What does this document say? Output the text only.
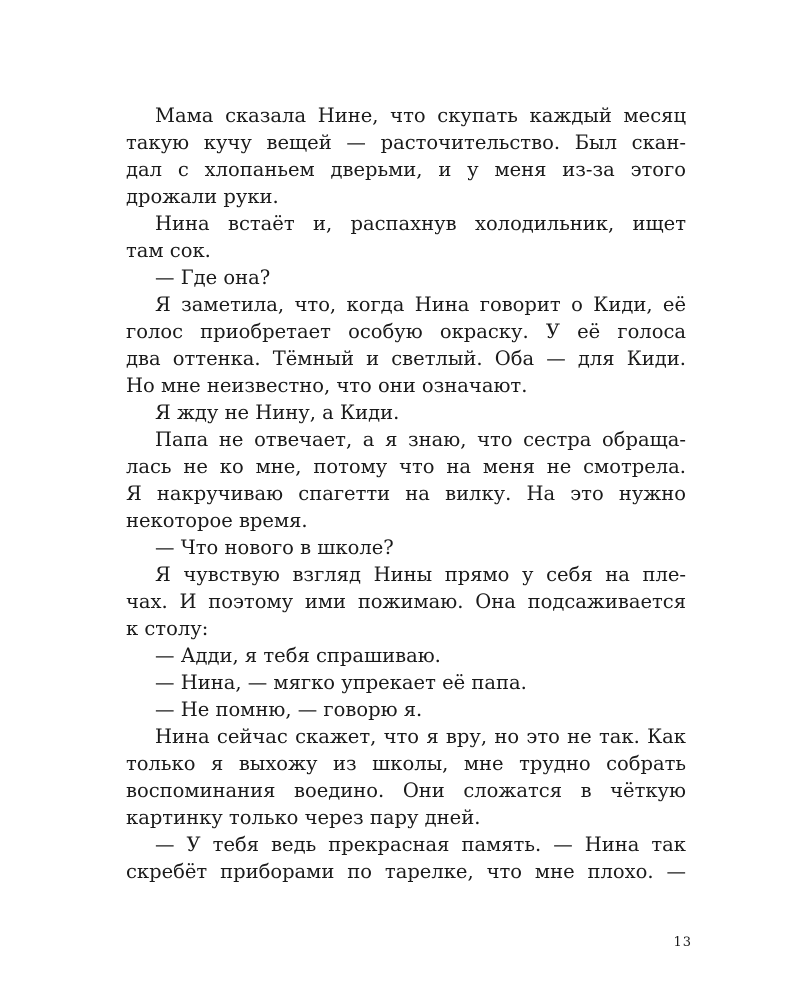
Мама сказала Нине, что скупать каждый месяц
такую кучу вещей — расточительство. Был скан-
дал с хлопаньем дверьми, и у меня из-за этого
дрожали руки.
Нина встаёт и, распахнув холодильник, ищет
там сок.
— Где она?
Я заметила, что, когда Нина говорит о Киди, её
голос приобретает особую окраску. У её голоса
два оттенка. Тёмный и светлый. Оба — для Киди.
Но мне неизвестно, что они означают.
Я жду не Нину, а Киди.
Папа не отвечает, а я знаю, что сестра обраща-
лась не ко мне, потому что на меня не смотрела.
Я накручиваю спагетти на вилку. На это нужно
некоторое время.
— Что нового в школе?
Я чувствую взгляд Нины прямо у себя на пле-
чах. И поэтому ими пожимаю. Она подсаживается
к столу:
— Адди, я тебя спрашиваю.
— Нина, — мягко упрекает её папа.
— Не помню, — говорю я.
Нина сейчас скажет, что я вру, но это не так. Как
только я выхожу из школы, мне трудно собрать
воспоминания воедино. Они сложатся в чёткую
картинку только через пару дней.
— У тебя ведь прекрасная память. — Нина так
скребёт приборами по тарелке, что мне плохо. —
13
